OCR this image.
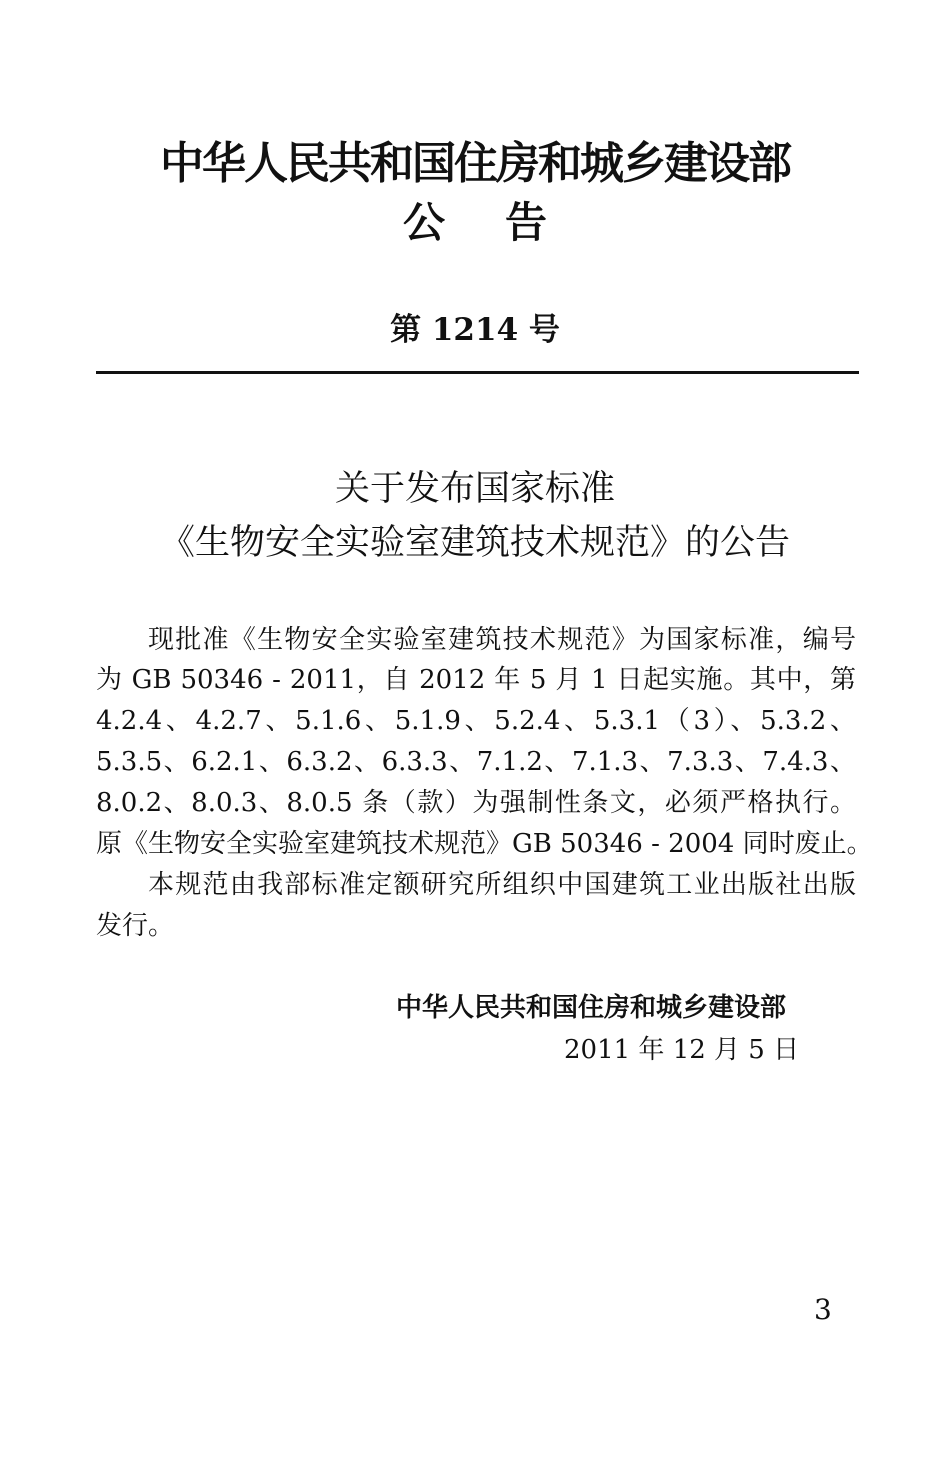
中华人民共和国住房和城乡建设部
公告
第 1214 号
关于发布国家标准
《生物安全实验室建筑技术规范》的公告
现批准《生物安全实验室建筑技术规范》为国家标准，编号
为 GB 50346 - 2011，自 2012 年 5 月 1 日起实施。其中，第
4.2.4、4.2.7、5.1.6、5.1.9、5.2.4、5.3.1（3）、5.3.2、
5.3.5、6.2.1、6.3.2、6.3.3、7.1.2、7.1.3、7.3.3、7.4.3、
8.0.2、8.0.3、8.0.5 条（款）为强制性条文，必须严格执行。
原《生物安全实验室建筑技术规范》GB 50346 - 2004 同时废止。
本规范由我部标准定额研究所组织中国建筑工业出版社出版
发行。
中华人民共和国住房和城乡建设部
2011 年 12 月 5 日
3
